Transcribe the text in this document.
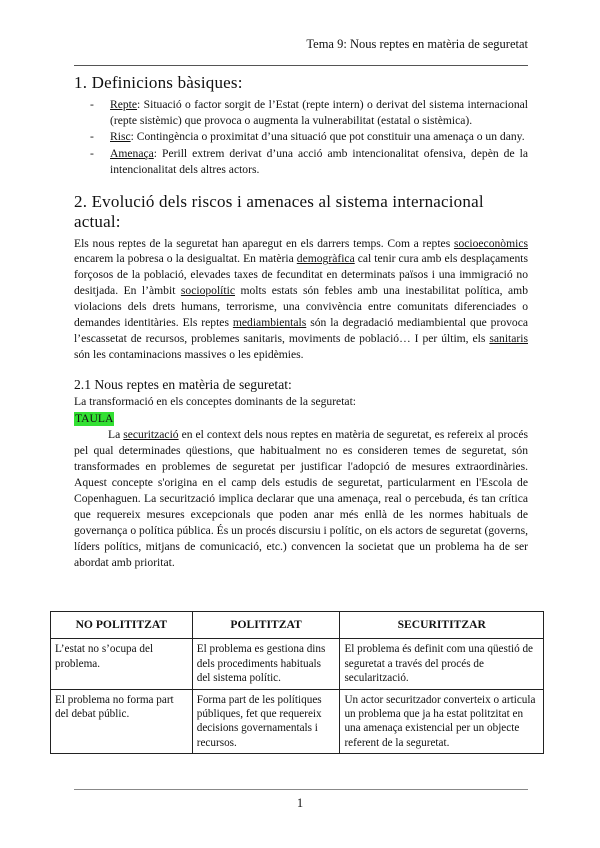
Tema 9: Nous reptes en matèria de seguretat
1. Definicions bàsiques:
- Repte: Situació o factor sorgit de l’Estat (repte intern) o derivat del sistema internacional (repte sistèmic) que provoca o augmenta la vulnerabilitat (estatal o sistèmica).
- Risc: Contingència o proximitat d’una situació que pot constituir una amenaça o un dany.
- Amenaça: Perill extrem derivat d’una acció amb intencionalitat ofensiva, depèn de la intencionalitat dels altres actors.
2. Evolució dels riscos i amenaces al sistema internacional actual:

Els nous reptes de la seguretat han aparegut en els darrers temps. Com a reptes socioeconòmics encarem la pobresa o la desigualtat. En matèria demogràfica cal tenir cura amb els desplaçaments forçosos de la població, elevades taxes de fecunditat en determinats països i una immigració no desitjada. En l’àmbit sociopolític molts estats són febles amb una inestabilitat política, amb violacions dels drets humans, terrorisme, una convivència entre comunitats diferenciades o demandes identitàries. Els reptes mediambientals són la degradació mediambiental que provoca l’escassetat de recursos, problemes sanitaris, moviments de població… I per últim, els sanitaris són les contaminacions massives o les epidèmies.

2.1 Nous reptes en matèria de seguretat:

La transformació en els conceptes dominants de la seguretat:

TAULA

La securització en el context dels nous reptes en matèria de seguretat, es refereix al procés pel qual determinades qüestions, que habitualment no es consideren temes de seguretat, són transformades en problemes de seguretat per justificar l'adopció de mesures extraordinàries. Aquest concepte s'origina en el camp dels estudis de seguretat, particularment en l'Escola de Copenhaguen. La securització implica declarar que una amenaça, real o percebuda, és tan crítica que requereix mesures excepcionals que poden anar més enllà de les normes habituals de governança o política pública. És un procés discursiu i polític, on els actors de seguretat (governs, líders polítics, mitjans de comunicació, etc.) convencen la societat que un problema ha de ser abordat amb prioritat.

NO POLITITZAT	POLITITZAT	SECURITITZAR
L’estat no s’ocupa del problema.	El problema es gestiona dins dels procediments habituals del sistema polític.	El problema és definit com una qüestió de seguretat a través del procés de secularització.
El problema no forma part del debat públic.	Forma part de les polítiques públiques, fet que requereix decisions governamentals i recursos.	Un actor securitzador converteix o articula un problema que ja ha estat politzitat en una amenaça existencial per un objecte referent de la seguretat.
1
